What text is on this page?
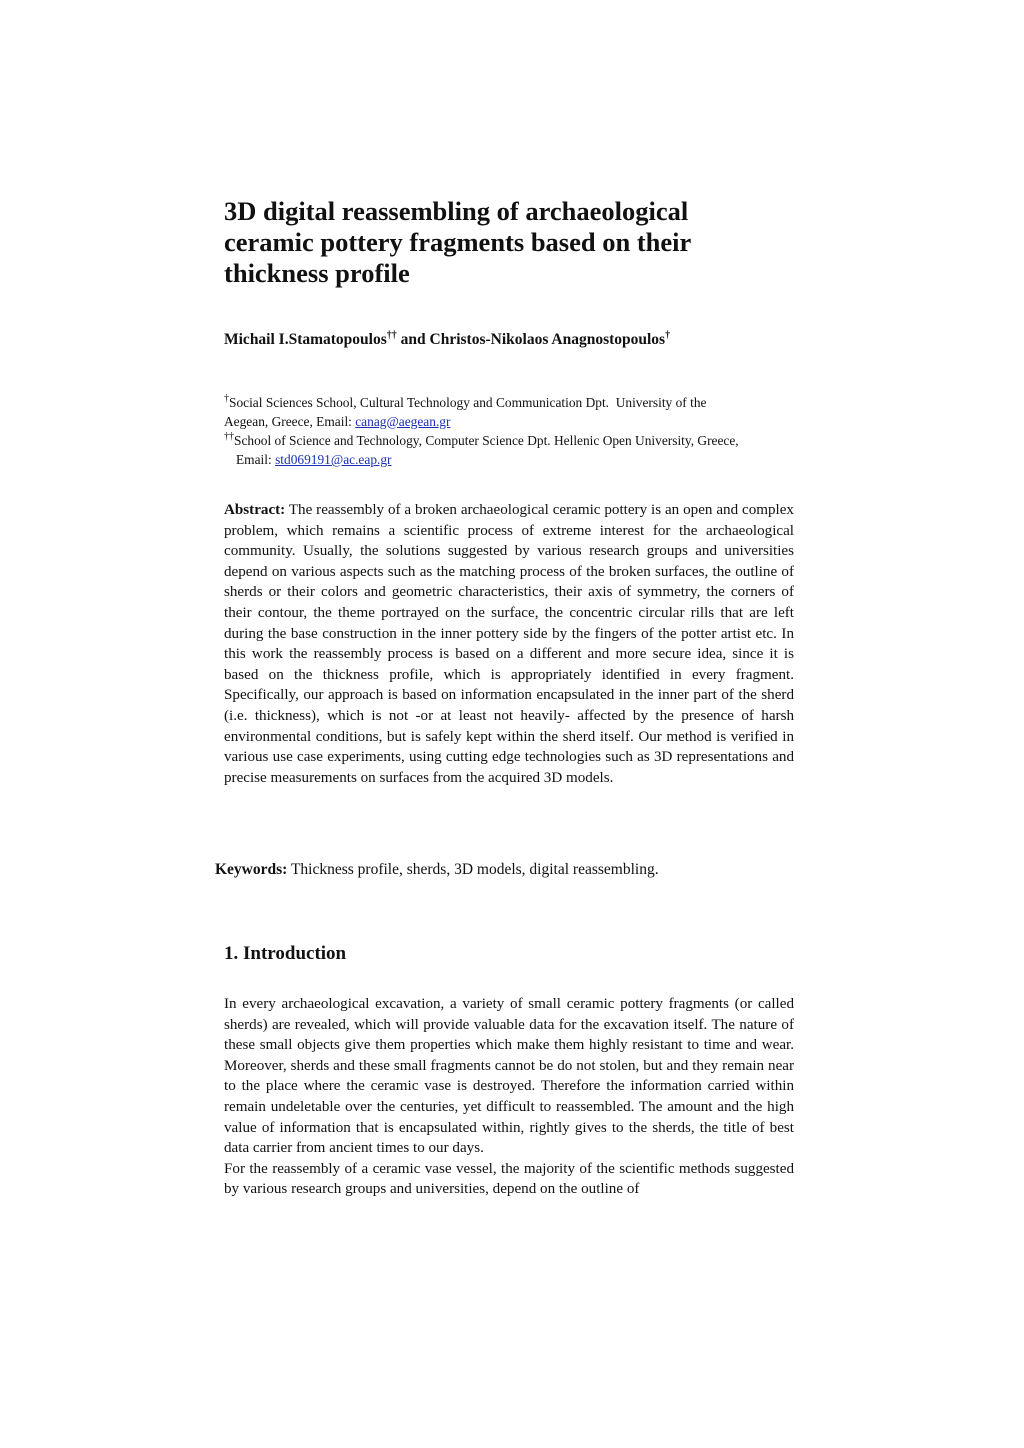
3D digital reassembling of archaeological
ceramic pottery fragments based on their
thickness profile

Michail I.Stamatopoulos†† and Christos-Nikolaos Anagnostopoulos†

†Social Sciences School, Cultural Technology and Communication Dpt.  University of the
Aegean, Greece, Email: canag@aegean.gr
††School of Science and Technology, Computer Science Dpt. Hellenic Open University, Greece,
Email: std069191@ac.eap.gr

Abstract: The reassembly of a broken archaeological ceramic pottery is an open and complex problem, which remains a scientific process of extreme interest for the archaeological community. Usually, the solutions suggested by various research groups and universities depend on various aspects such as the matching process of the broken surfaces, the outline of sherds or their colors and geometric characteristics, their axis of symmetry, the corners of their contour, the theme portrayed on the surface, the concentric circular rills that are left during the base construction in the inner pottery side by the fingers of the potter artist etc. In this work the reassembly process is based on a different and more secure idea, since it is based on the thickness profile, which is appropriately identified in every fragment. Specifically, our approach is based on information encapsulated in the inner part of the sherd (i.e. thickness), which is not -or at least not heavily- affected by the presence of harsh environmental conditions, but is safely kept within the sherd itself. Our method is verified in various use case experiments, using cutting edge technologies such as 3D representations and precise measurements on surfaces from the acquired 3D models.

Keywords: Thickness profile, sherds, 3D models, digital reassembling.
1. Introduction

In every archaeological excavation, a variety of small ceramic pottery fragments (or called sherds) are revealed, which will provide valuable data for the excavation itself. The nature of these small objects give them properties which make them highly resistant to time and wear. Moreover, sherds and these small fragments cannot be do not stolen, but and they remain near to the place where the ceramic vase is destroyed. Therefore the information carried within remain undeletable over the centuries, yet difficult to reassembled. The amount and the high value of information that is encapsulated within, rightly gives to the sherds, the title of best data carrier from ancient times to our days.

For the reassembly of a ceramic vase vessel, the majority of the scientific methods suggested by various research groups and universities, depend on the outline of
